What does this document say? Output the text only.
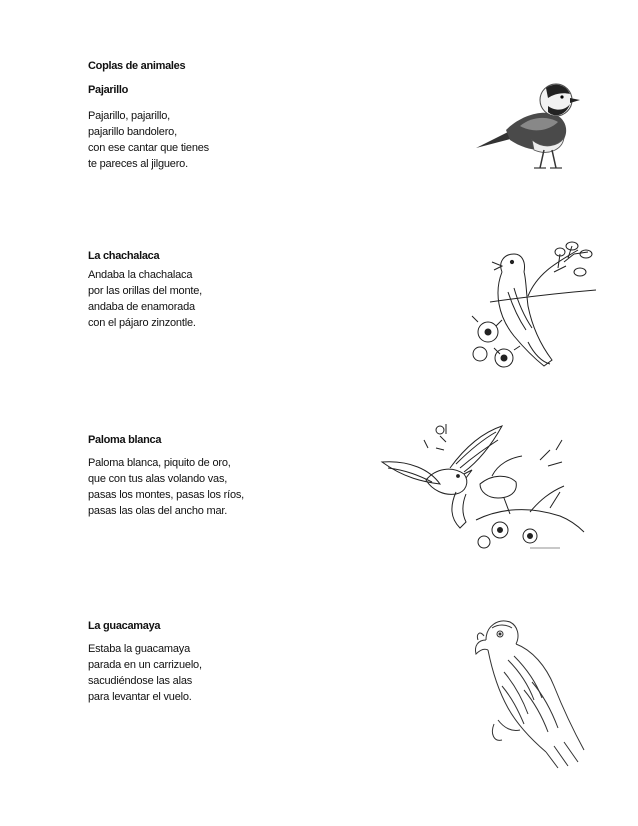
Coplas de animales
Pajarillo
Pajarillo, pajarillo,
pajarillo bandolero,
con ese cantar que tienes
te pareces al jilguero.
La chachalaca
Andaba la chachalaca
por las orillas del monte,
andaba de enamorada
con el pájaro zinzontle.
Paloma blanca
Paloma blanca, piquito de oro,
que con tus alas volando vas,
pasas los montes, pasas los ríos,
pasas las olas del ancho mar.
La guacamaya
Estaba la guacamaya
parada en un carrizuelo,
sacudiéndose las alas
para levantar el vuelo.
